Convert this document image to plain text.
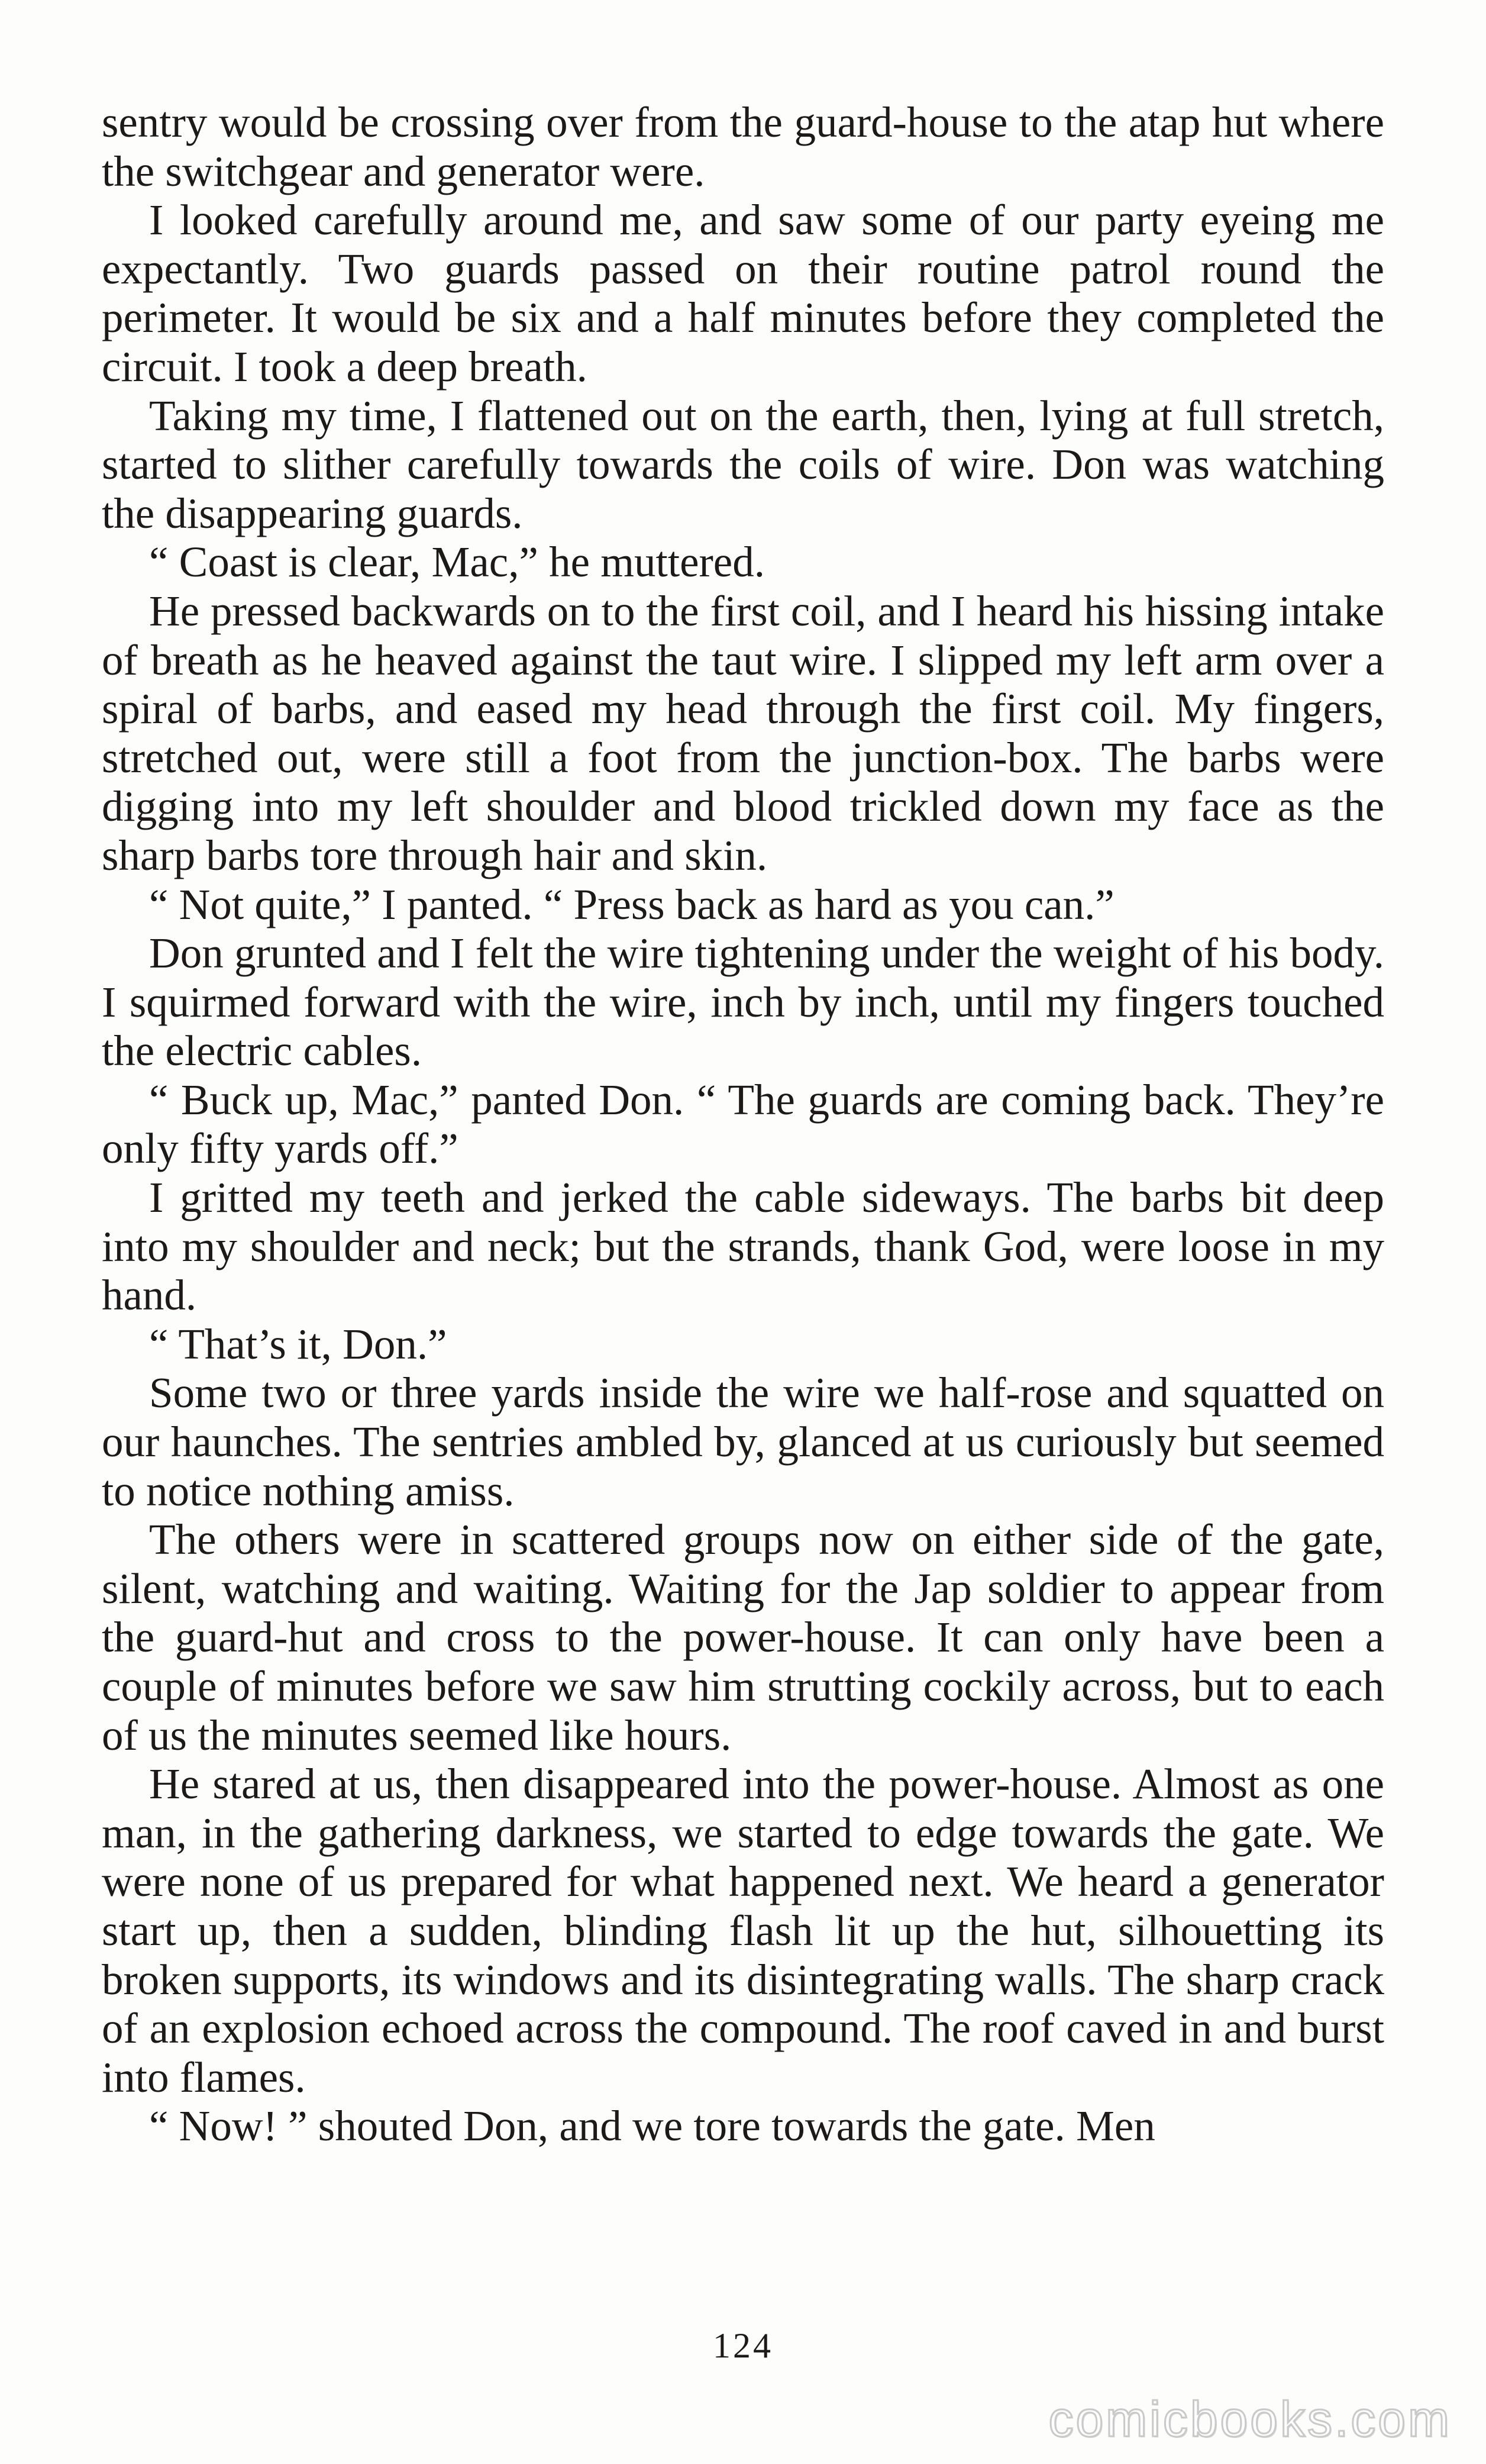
sentry would be crossing over from the guard-house to the atap hut where the switchgear and generator were.

I looked carefully around me, and saw some of our party eyeing me expectantly. Two guards passed on their routine patrol round the perimeter. It would be six and a half minutes before they completed the circuit. I took a deep breath.

Taking my time, I flattened out on the earth, then, lying at full stretch, started to slither carefully towards the coils of wire. Don was watching the disappearing guards.

“ Coast is clear, Mac,” he muttered.

He pressed backwards on to the first coil, and I heard his hissing intake of breath as he heaved against the taut wire. I slipped my left arm over a spiral of barbs, and eased my head through the first coil. My fingers, stretched out, were still a foot from the junction-box. The barbs were digging into my left shoulder and blood trickled down my face as the sharp barbs tore through hair and skin.

“ Not quite,” I panted. “ Press back as hard as you can.”

Don grunted and I felt the wire tightening under the weight of his body. I squirmed forward with the wire, inch by inch, until my fingers touched the electric cables.

“ Buck up, Mac,” panted Don. “ The guards are coming back. They’re only fifty yards off.”

I gritted my teeth and jerked the cable sideways. The barbs bit deep into my shoulder and neck; but the strands, thank God, were loose in my hand.

“ That’s it, Don.”

Some two or three yards inside the wire we half-rose and squatted on our haunches. The sentries ambled by, glanced at us curiously but seemed to notice nothing amiss.

The others were in scattered groups now on either side of the gate, silent, watching and waiting. Waiting for the Jap soldier to appear from the guard-hut and cross to the power-house. It can only have been a couple of minutes before we saw him strutting cockily across, but to each of us the minutes seemed like hours.

He stared at us, then disappeared into the power-house. Almost as one man, in the gathering darkness, we started to edge towards the gate. We were none of us prepared for what happened next. We heard a generator start up, then a sudden, blinding flash lit up the hut, silhouetting its broken supports, its windows and its disintegrating walls. The sharp crack of an explosion echoed across the compound. The roof caved in and burst into flames.

“ Now! ” shouted Don, and we tore towards the gate. Men

124
comicbooks.com
